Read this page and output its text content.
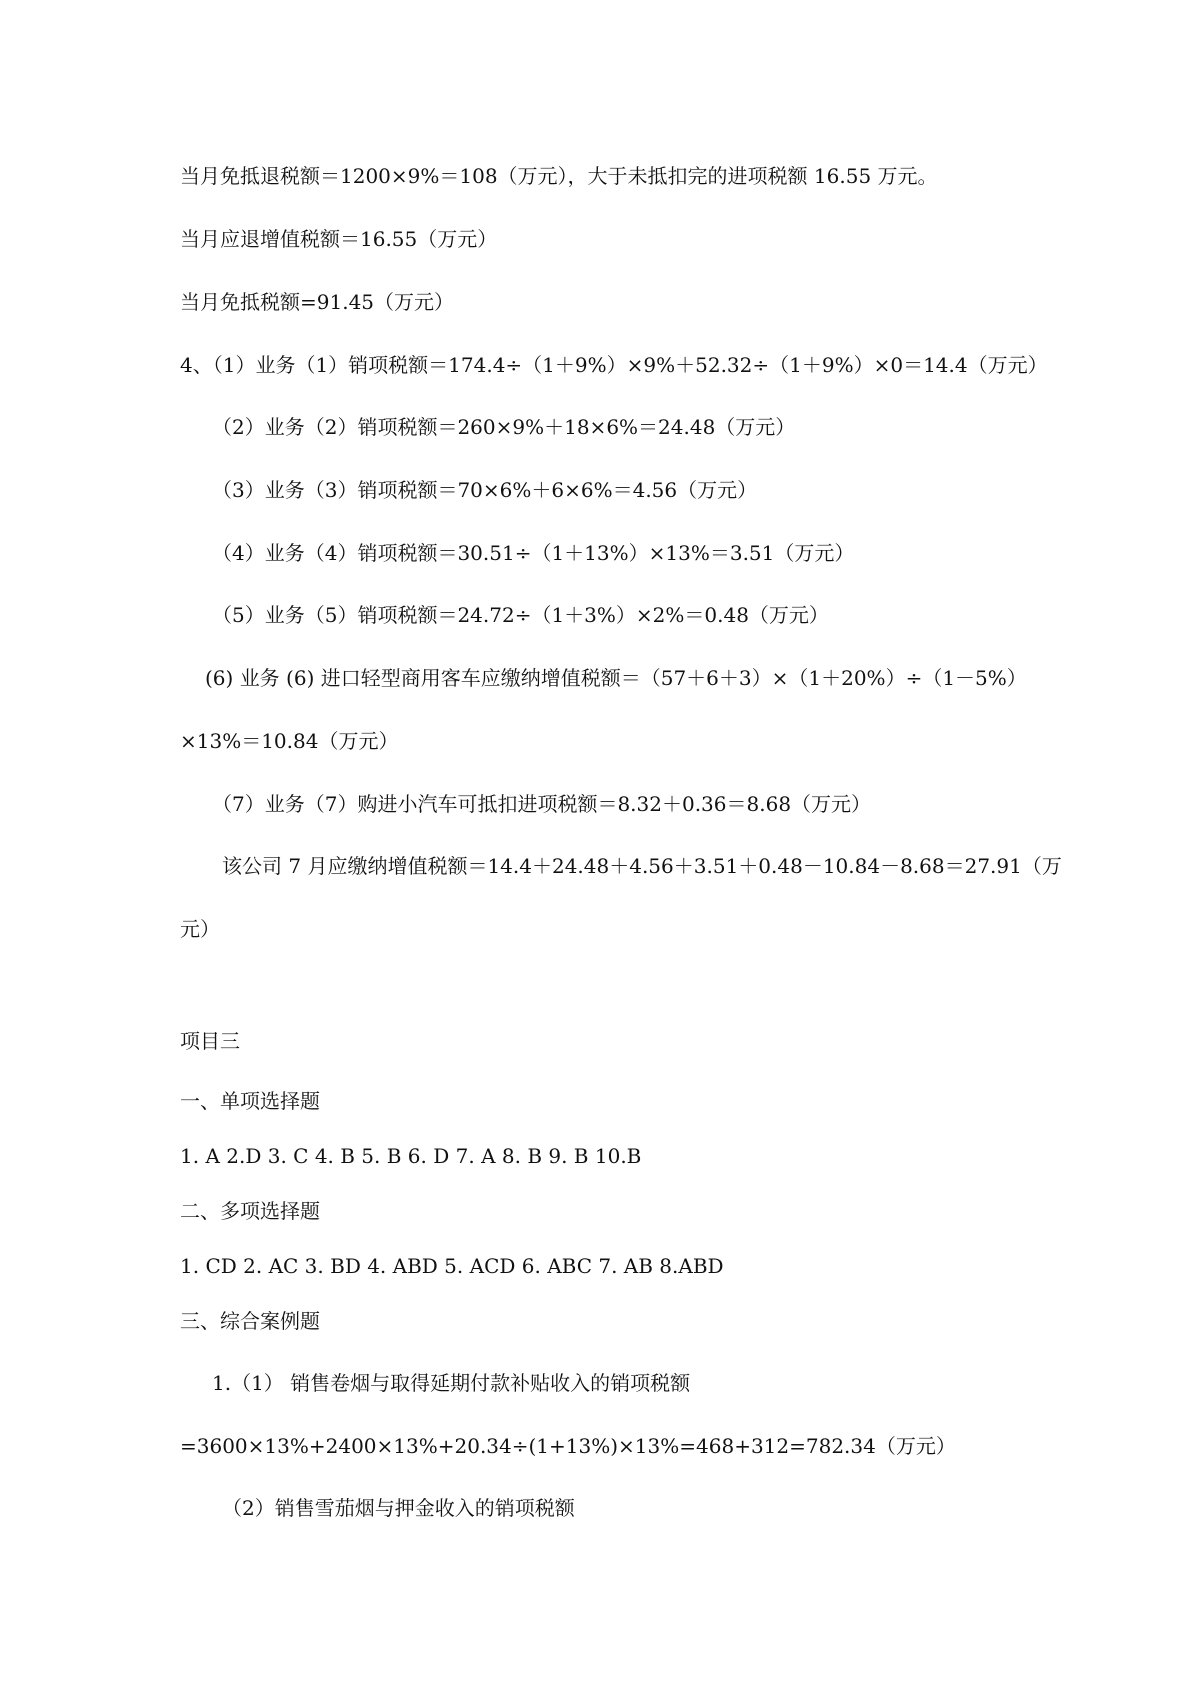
当月免抵退税额＝1200×9%＝108（万元），大于未抵扣完的进项税额 16.55 万元。
当月应退增值税额＝16.55（万元）
当月免抵税额=91.45（万元）
4、（1）业务（1）销项税额＝174.4÷（1＋9%）×9%＋52.32÷（1＋9%）×0＝14.4（万元）
（2）业务（2）销项税额＝260×9%＋18×6%＝24.48（万元）
（3）业务（3）销项税额＝70×6%＋6×6%＝4.56（万元）
（4）业务（4）销项税额＝30.51÷（1＋13%）×13%＝3.51（万元）
（5）业务（5）销项税额＝24.72÷（1＋3%）×2%＝0.48（万元）
(6) 业务 (6) 进口轻型商用客车应缴纳增值税额＝（57＋6＋3）×（1＋20%）÷（1－5%）
×13%＝10.84（万元）
（7）业务（7）购进小汽车可抵扣进项税额＝8.32＋0.36＝8.68（万元）
该公司 7 月应缴纳增值税额＝14.4＋24.48＋4.56＋3.51＋0.48－10.84－8.68＝27.91（万
元）
项目三
一、单项选择题
1. A 2.D 3. C 4. B 5. B 6. D 7. A 8. B 9. B 10.B
二、多项选择题
1. CD 2. AC 3. BD 4. ABD 5. ACD 6. ABC 7. AB 8.ABD
三、综合案例题
1.（1） 销售卷烟与取得延期付款补贴收入的销项税额
=3600×13%+2400×13%+20.34÷(1+13%)×13%=468+312=782.34（万元）
（2）销售雪茄烟与押金收入的销项税额
